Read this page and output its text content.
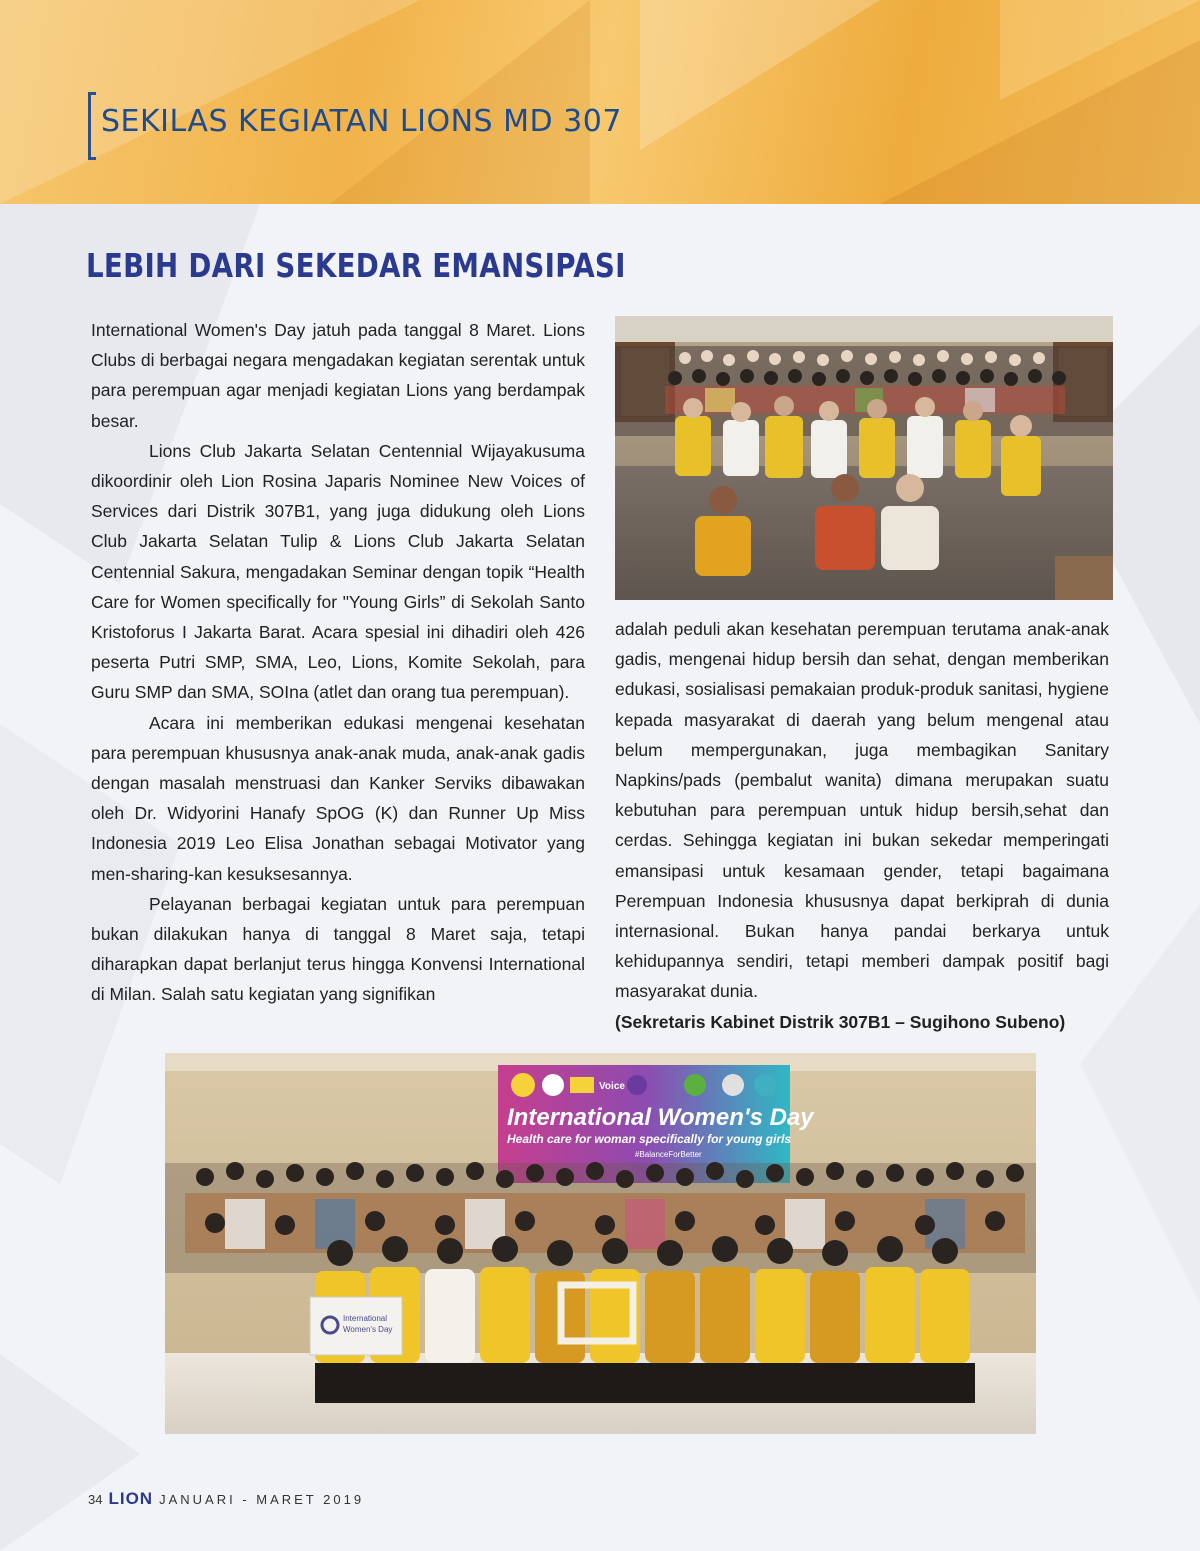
SEKILAS KEGIATAN LIONS MD 307
LEBIH DARI SEKEDAR EMANSIPASI

International Women's Day jatuh pada tanggal 8 Maret. Lions Clubs di berbagai negara mengadakan kegiatan serentak untuk para perempuan agar menjadi kegiatan Lions yang berdampak besar.

Lions Club Jakarta Selatan Centennial Wijayakusuma dikoordinir oleh Lion Rosina Japaris Nominee New Voices of Services dari Distrik 307B1, yang juga didukung oleh Lions Club Jakarta Selatan Tulip & Lions Club Jakarta Selatan Centennial Sakura, mengadakan Seminar dengan topik “Health Care for Women specifically for "Young Girls” di Sekolah Santo Kristoforus I Jakarta Barat. Acara spesial ini dihadiri oleh 426 peserta Putri SMP, SMA, Leo, Lions, Komite Sekolah, para Guru SMP dan SMA, SOIna (atlet dan orang tua perempuan).

Acara ini memberikan edukasi mengenai kesehatan para perempuan khususnya anak-anak muda, anak-anak gadis dengan masalah menstruasi dan Kanker Serviks dibawakan oleh Dr. Widyorini Hanafy SpOG (K) dan Runner Up Miss Indonesia 2019 Leo Elisa Jonathan sebagai Motivator yang men-sharing-kan kesuksesannya.

Pelayanan berbagai kegiatan untuk para perempuan bukan dilakukan hanya di tanggal 8 Maret saja, tetapi diharapkan dapat berlanjut terus hingga Konvensi International di Milan. Salah satu kegiatan yang signifikan

adalah peduli akan kesehatan perempuan terutama anak-anak gadis, mengenai hidup bersih dan sehat, dengan memberikan edukasi, sosialisasi pemakaian produk-produk sanitasi, hygiene kepada masyarakat di daerah yang belum mengenal atau belum mempergunakan, juga membagikan Sanitary Napkins/pads (pembalut wanita) dimana merupakan suatu kebutuhan para perempuan untuk hidup bersih,sehat dan cerdas. Sehingga kegiatan ini bukan sekedar memperingati emansipasi untuk kesamaan gender, tetapi bagaimana Perempuan Indonesia khususnya dapat berkiprah di dunia internasional. Bukan hanya pandai berkarya untuk kehidupannya sendiri, tetapi memberi dampak positif bagi masyarakat dunia.

(Sekretaris Kabinet Distrik 307B1 – Sugihono Subeno)
Voice
International Women's Day
Health care for woman specifically for young girls
#BalanceForBetter
International
Women's Day
34 LION JANUARI - MARET 2019
